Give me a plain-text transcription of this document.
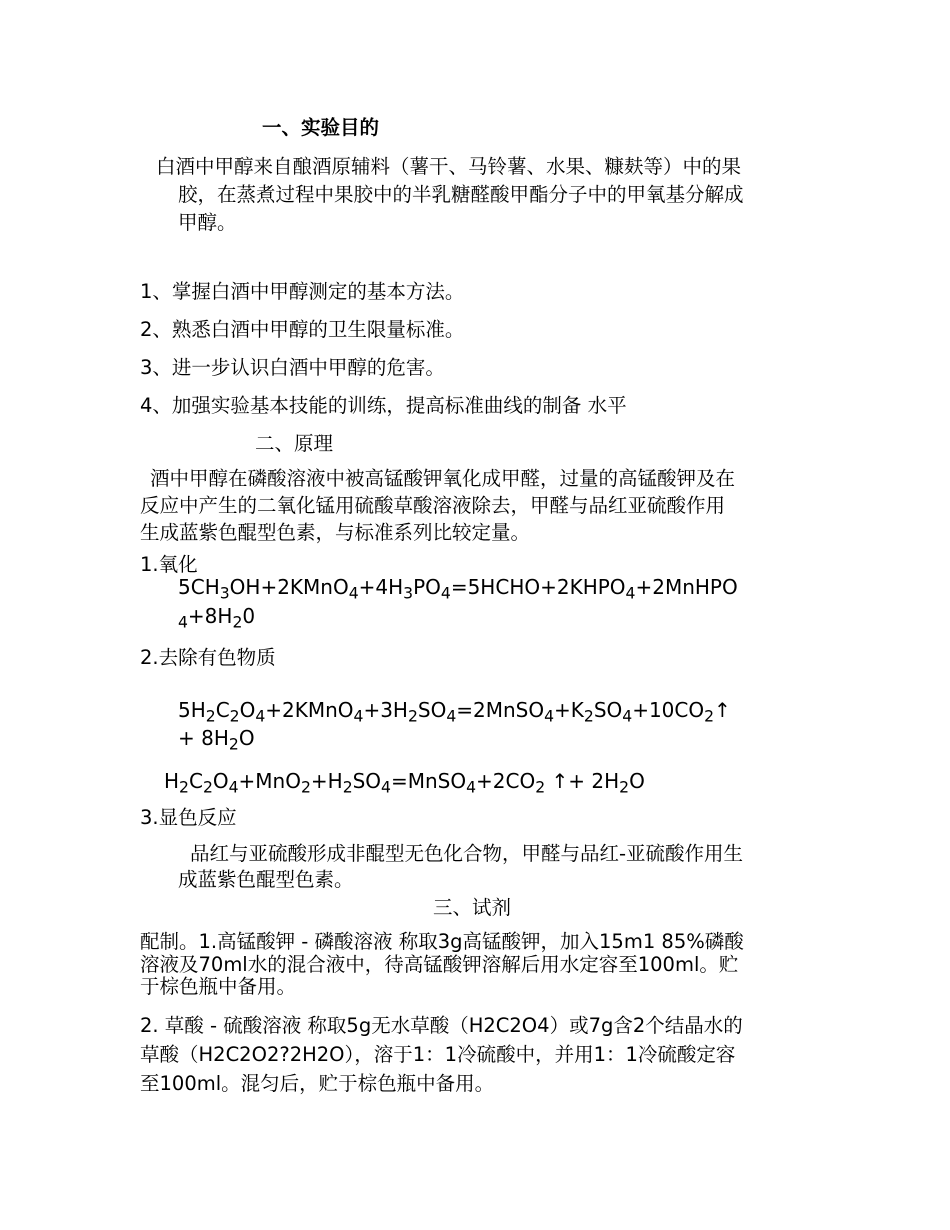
一、实验目的
白酒中甲醇来自酿酒原辅料（薯干、马铃薯、水果、糠麸等）中的果
胶，在蒸煮过程中果胶中的半乳糖醛酸甲酯分子中的甲氧基分解成
甲醇。
1、掌握白酒中甲醇测定的基本方法。
2、熟悉白酒中甲醇的卫生限量标准。
3、进一步认识白酒中甲醇的危害。
4、加强实验基本技能的训练，提高标准曲线的制备 水平
二、原理
酒中甲醇在磷酸溶液中被高锰酸钾氧化成甲醛，过量的高锰酸钾及在
反应中产生的二氧化锰用硫酸草酸溶液除去，甲醛与品红亚硫酸作用
生成蓝紫色醌型色素，与标准系列比较定量。
1.氧化
$5CH_3OH+2KMnO_4+4H_3PO_4=5HCHO+2KHPO_4+2MnHPO$
$_4+8H_20$
2.去除有色物质
$5H_2C_2O_4+2KMnO_4+3H_2SO_4=2MnSO_4+K_2SO_4+10CO_2↑$
+ $8H_2O$
$H_2C_2O_4+MnO_2+H_2SO_4=MnSO_4+2CO_2$ ↑+ $2H_2O$
3.显色反应
品红与亚硫酸形成非醌型无色化合物，甲醛与品红-亚硫酸作用生
成蓝紫色醌型色素。
三、试剂
配制。1.高锰酸钾 - 磷酸溶液 称取3g高锰酸钾，加入15m1 85%磷酸
溶液及70ml水的混合液中，待高锰酸钾溶解后用水定容至100ml。贮
于棕色瓶中备用。
2. 草酸 - 硫酸溶液 称取5g无水草酸（H2C2O4）或7g含2个结晶水的
草酸（H2C2O2?2H2O），溶于1：1冷硫酸中，并用1：1冷硫酸定容
至100ml。混匀后，贮于棕色瓶中备用。
